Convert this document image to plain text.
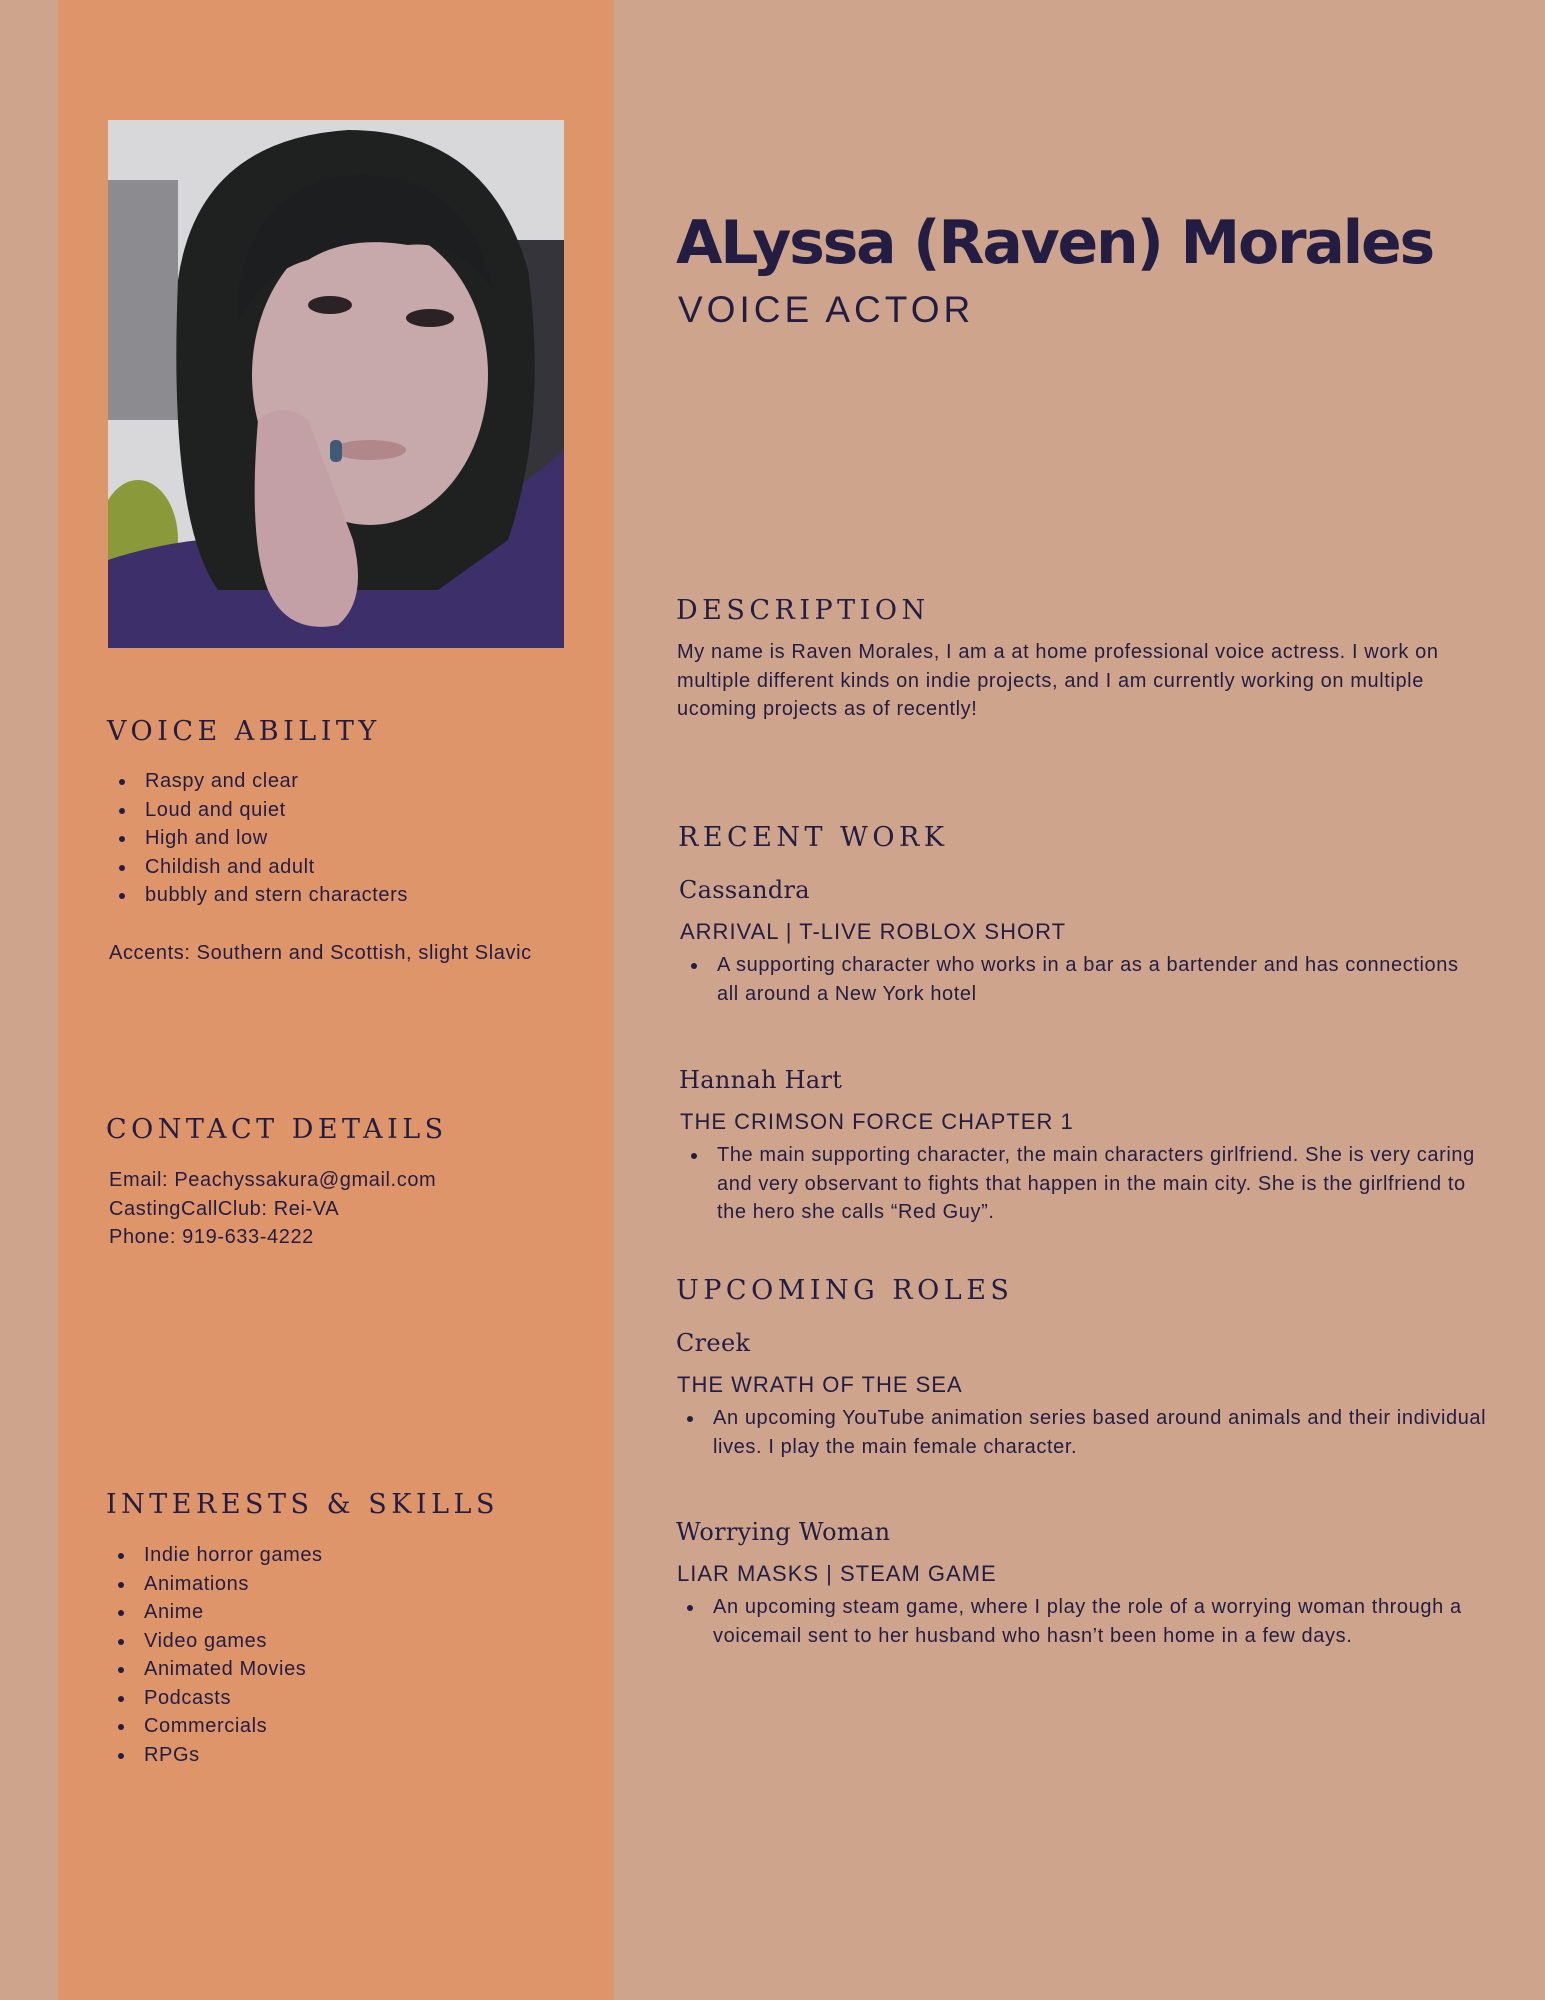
ALyssa (Raven) Morales
VOICE ACTOR
VOICE ABILITY
Raspy and clear
Loud and quiet
High and low
Childish and adult
bubbly and stern characters
Accents: Southern and Scottish, slight Slavic
CONTACT DETAILS
Email: Peachyssakura@gmail.com
CastingCallClub: Rei-VA
Phone: 919-633-4222
INTERESTS & SKILLS
Indie horror games
Animations
Anime
Video games
Animated Movies
Podcasts
Commercials
RPGs
DESCRIPTION
My name is Raven Morales, I am a at home professional voice actress. I work on multiple different kinds on indie projects, and I am currently working on multiple ucoming projects as of recently!
RECENT WORK
Cassandra
ARRIVAL | T-LIVE ROBLOX SHORT
A supporting character who works in a bar as a bartender and has connections all around a New York hotel
Hannah Hart
THE CRIMSON FORCE CHAPTER 1
The main supporting character, the main characters girlfriend. She is very caring and very observant to fights that happen in the main city. She is the girlfriend to the hero she calls “Red Guy”.
UPCOMING ROLES
Creek
THE WRATH OF THE SEA
An upcoming YouTube animation series based around animals and their individual lives. I play the main female character.
Worrying Woman
LIAR MASKS | STEAM GAME
An upcoming steam game, where I play the role of a worrying woman through a voicemail sent to her husband who hasn’t been home in a few days.
